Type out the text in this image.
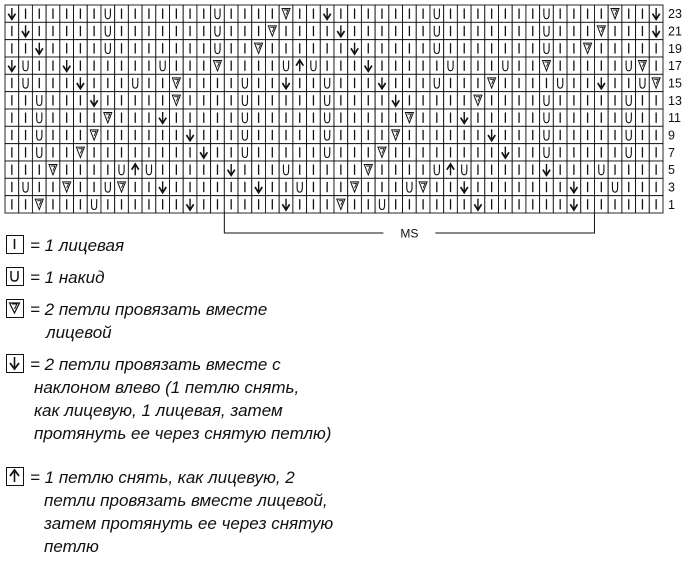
23
21
19
17
15
13
11
9
7
5
3
1
MS
= 1 лицевая
= 1 накид
= 2 петли провязать вместе
лицевой
= 2 петли провязать вместе с
наклоном влево (1 петлю снять,
как лицевую, 1 лицевая, затем
протянуть ее через снятую петлю)
= 1 петлю снять, как лицевую, 2
петли провязать вместе лицевой,
затем протянуть ее через снятую
петлю
